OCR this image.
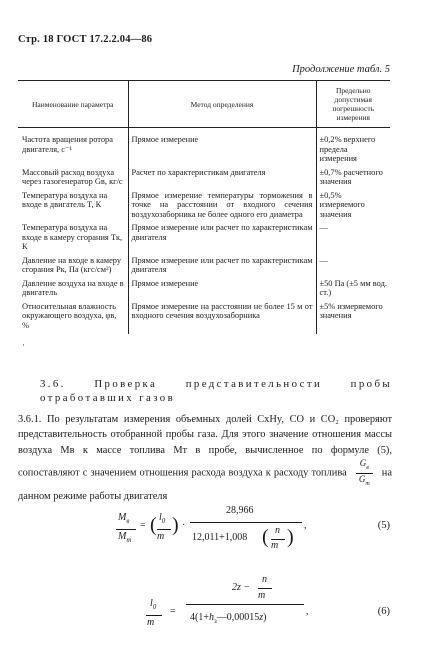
Стр. 18 ГОСТ 17.2.2.04—86
Продолжение табл. 5
Наименование параметра	Метод определения	Предельно допустимая погрешность измерения
Частота вращения ротора двигателя, с⁻¹	Прямое измерение	±0,2% верхнего предела измерения
Массовый расход воздуха через газогенератор Gв, кг/с	Расчет по характеристикам двигателя	±0,7% расчетного значения
Температура воздуха на входе в двигатель T, К	Прямое измерение температуры торможения в точке на расстоянии от входного сечения воздухозаборника не более одного его диаметра	±0,5% измеряемого значения
Температура воздуха на входе в камеру сгорания Tк, К	Прямое измерение или расчет по характеристикам двигателя	—
Давление на входе в камеру сгорания Pк, Па (кгс/см²)	Прямое измерение или расчет по характеристикам двигателя	—
Давление воздуха на входе в двигатель	Прямое измерение	±50 Па (±5 мм вод. ст.)
Относительная влажность окружающего воздуха, φв, %	Прямое измерение на расстоянии не более 15 м от входного сечения воздухозаборника	±5% измеряемого значения
·
3.6. Проверка представительности пробы отработавших газов
3.6.1. По результатам измерения объемных долей CxHy, CO и CO₂ проверяют представительность отобранной пробы газа. Для этого значение отношения массы воздуха Mв к массе топлива Mт в пробе, вычисленное по формуле (5), сопоставляют с значением отношения расхода воздуха к расходу топлива
$G_в$
$G_т$
на данном режиме работы двигателя
$M_в$
$M_т$
= ( $l_0$
m
) ·
28,966
12,011+1,008 ( n
m )
,	(5)
$l_0$
m
=
2z −
n
m
$4(1+h_з—0,00015z)$
,	(6)
